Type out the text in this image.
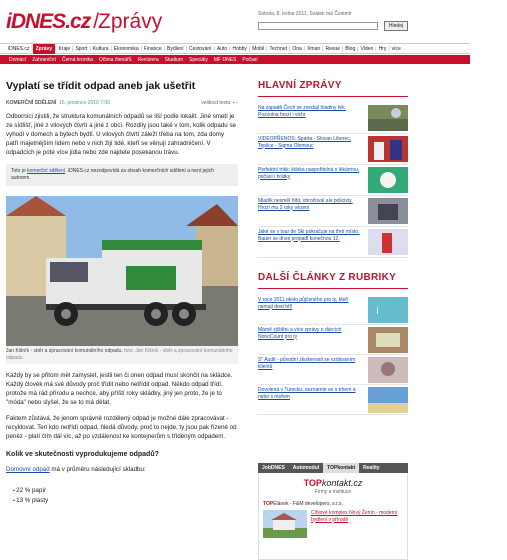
iDNES.cz /Zprávy	Sobota, 8. ledna 2011, Svátek má Čestmír
Hledej
iDNES.cz	Zprávy | Kraje | Sport | Kultura | Ekonomika | Finance | Bydlení | Cestování | Auto | Hobby | Mobil | Technet | Ona | Xman | Revue | Blog | Video | Hry | více
Domácí	Zahraniční	Černá kronika	Očima čtenářů	Revíziera	Studium	Speciály	MF DNES	Počasí
Vyplatí se třídit odpad aneb jak ušetřit
KOMERČNÍ SDĚLENÍ 16. prosince 2010 7:00	velikost textu: ▪ ▫
Odborníci zjistili, že struktura komunálních odpadů se liší podle lokalit. Jiné smetí je ze sídlišť, jiné z vilových čtvrtí a jiné z obcí. Rozdíly jsou také v tom, kolik odpadu se vyhodí v domech a bytech bydlí. U vilových čtvrtí záleží třeba na tom, zda domy patří majetnějším lidem nebo v nich žijí lidé, kteří se věnují zahradničení. V odpadcích je poté více jídla nebo zde najdete posekanou trávu.
Toto je komerční sdělení. iDNES.cz nezodpovídá za obsah komerčních sdělení a není jejich autorem.
Jan Kišník - sběr a zpracování komunálního odpadu. foto: Jan Kišník - sběr a zpracování komunálního odpadu

Každý by se přitom měl zamyslet, jestli ten či onen odpad musí skončit na skládce. Každý člověk má své důvody proč třídit nebo netřídit odpad. Někdo odpad třídí, protože má rád přírodu a nechce, aby příští roky skládky, jiný jen proto, že je to "móda" nebo slyšel, že se to má dělat.

Faktem zůstává, že jenom správně rozdělený odpad je možné dále zpracovávat - recyklovat. Ten kdo netřídí odpad, hledá důvody, proč to nejde, ty jsou pak řízené od peněz - platí čím dál víc, až po vzdálenost ke kontejnerům s tříděným odpadem.

Kolik ve skutečnosti vyprodukujeme odpadů?

Domovní odpad má v průměru následující skladbu:

▪ 22 % papír
▪ 13 % plasty
HLAVNÍ ZPRÁVY
Na západě Čech se zvedají hladiny řek. Pozvolna hrozí i vichr
VIDEOPŘENOS: Sparta - Slovan Liberec, Teplice - Sigma Olomouc
Perfektní trikk: klárka naspořitelná s lékárnou, počasí i hrátky
Mladík nesměl řídit, ohrožoval ale policisty. Hrozí mu 3 roky vězení
Jaké se v tour de Ski pokračuje na třetí místo. Bauer se dnes propadl konečnou 12.
DALŠÍ ČLÁNKY Z RUBRIKY
V roce 2011 okolo půjčeného pro ty, kteří nemají dost bříl	i
Mámě zjištěni a více zprávy o dárcích NonoCount pro ty
S" Audit - původní zkušenosti se vzdáváním klientů
Dovolená v Turecku, seznamte se s trhem a nebo s mořem
JobDNES	Automodul	TOPkontakt	Reality
TOPkontakt.cz
Firmy a instituce
TOPElánek - F&M developers, s.r.o.
Cihlové komplex Nový Ženín - moderní bydlení v přírodě
